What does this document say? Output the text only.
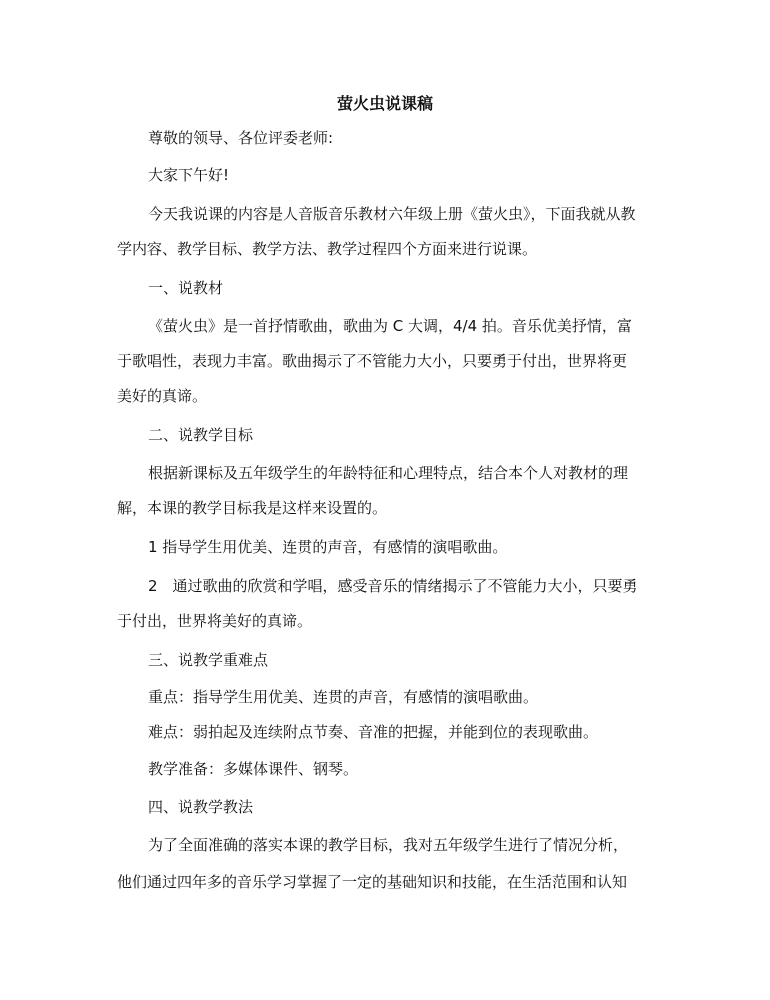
萤火虫说课稿
尊敬的领导、各位评委老师:
大家下午好!
今天我说课的内容是人音版音乐教材六年级上册《萤火虫》，下面我就从教
学内容、教学目标、教学方法、教学过程四个方面来进行说课。
一、说教材
《萤火虫》是一首抒情歌曲，歌曲为 C 大调，4/4 拍。音乐优美抒情，富
于歌唱性，表现力丰富。歌曲揭示了不管能力大小，只要勇于付出，世界将更
美好的真谛。
二、说教学目标
根据新课标及五年级学生的年龄特征和心理特点，结合本个人对教材的理
解，本课的教学目标我是这样来设置的。
1 指导学生用优美、连贯的声音，有感情的演唱歌曲。
2　通过歌曲的欣赏和学唱，感受音乐的情绪揭示了不管能力大小，只要勇
于付出，世界将美好的真谛。
三、说教学重难点
重点：指导学生用优美、连贯的声音，有感情的演唱歌曲。
难点：弱拍起及连续附点节奏、音准的把握，并能到位的表现歌曲。
教学准备：多媒体课件、钢琴。
四、说教学教法
为了全面准确的落实本课的教学目标，我对五年级学生进行了情况分析，
他们通过四年多的音乐学习掌握了一定的基础知识和技能，在生活范围和认知
